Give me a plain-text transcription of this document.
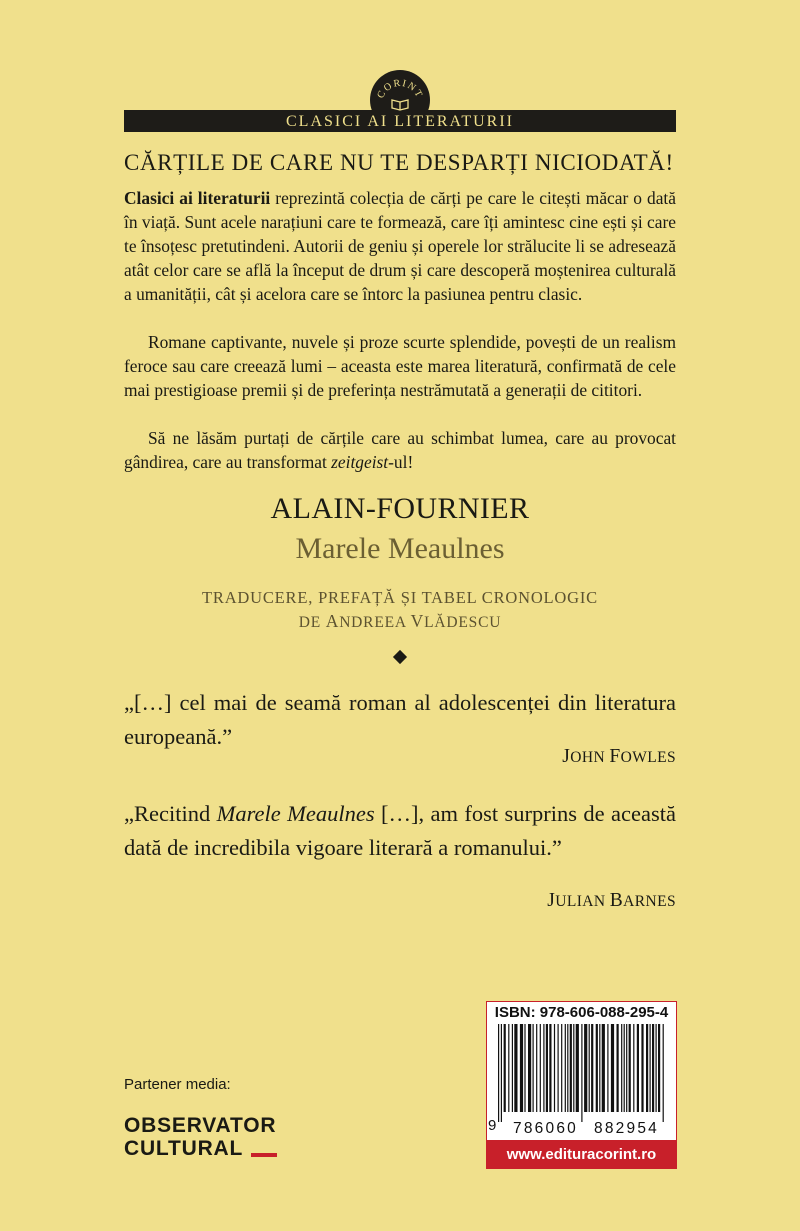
CORINT
CLASICI AI LITERATURII
CĂRȚILE DE CARE NU TE DESPARȚI NICIODATĂ!
Clasici ai literaturii reprezintă colecția de cărți pe care le citești măcar o dată în viață. Sunt acele narațiuni care te formează, care îți amintesc cine ești și care te însoțesc pretutindeni. Autorii de geniu și operele lor strălucite li se adresează atât celor care se află la început de drum și care descoperă moștenirea culturală a umanității, cât și acelora care se întorc la pasiunea pentru clasic.
Romane captivante, nuvele și proze scurte splendide, povești de un realism feroce sau care creează lumi – aceasta este marea literatură, confirmată de cele mai prestigioase premii și de preferința nestrămutată a generații de cititori.
Să ne lăsăm purtați de cărțile care au schimbat lumea, care au provocat gândirea, care au transformat zeitgeist-ul!
ALAIN-FOURNIER
Marele Meaulnes
TRADUCERE, PREFAȚĂ ȘI TABEL CRONOLOGIC
DE ANDREEA VLĂDESCU
„[…] cel mai de seamă roman al adolescenței din literatura europeană.”
JOHN FOWLES
„Recitind Marele Meaulnes […], am fost surprins de această dată de incredibila vigoare literară a romanului.”
JULIAN BARNES
Partener media:
OBSERVATOR
CULTURAL
ISBN: 978-606-088-295-4
9 786060 882954
www.edituracorint.ro
